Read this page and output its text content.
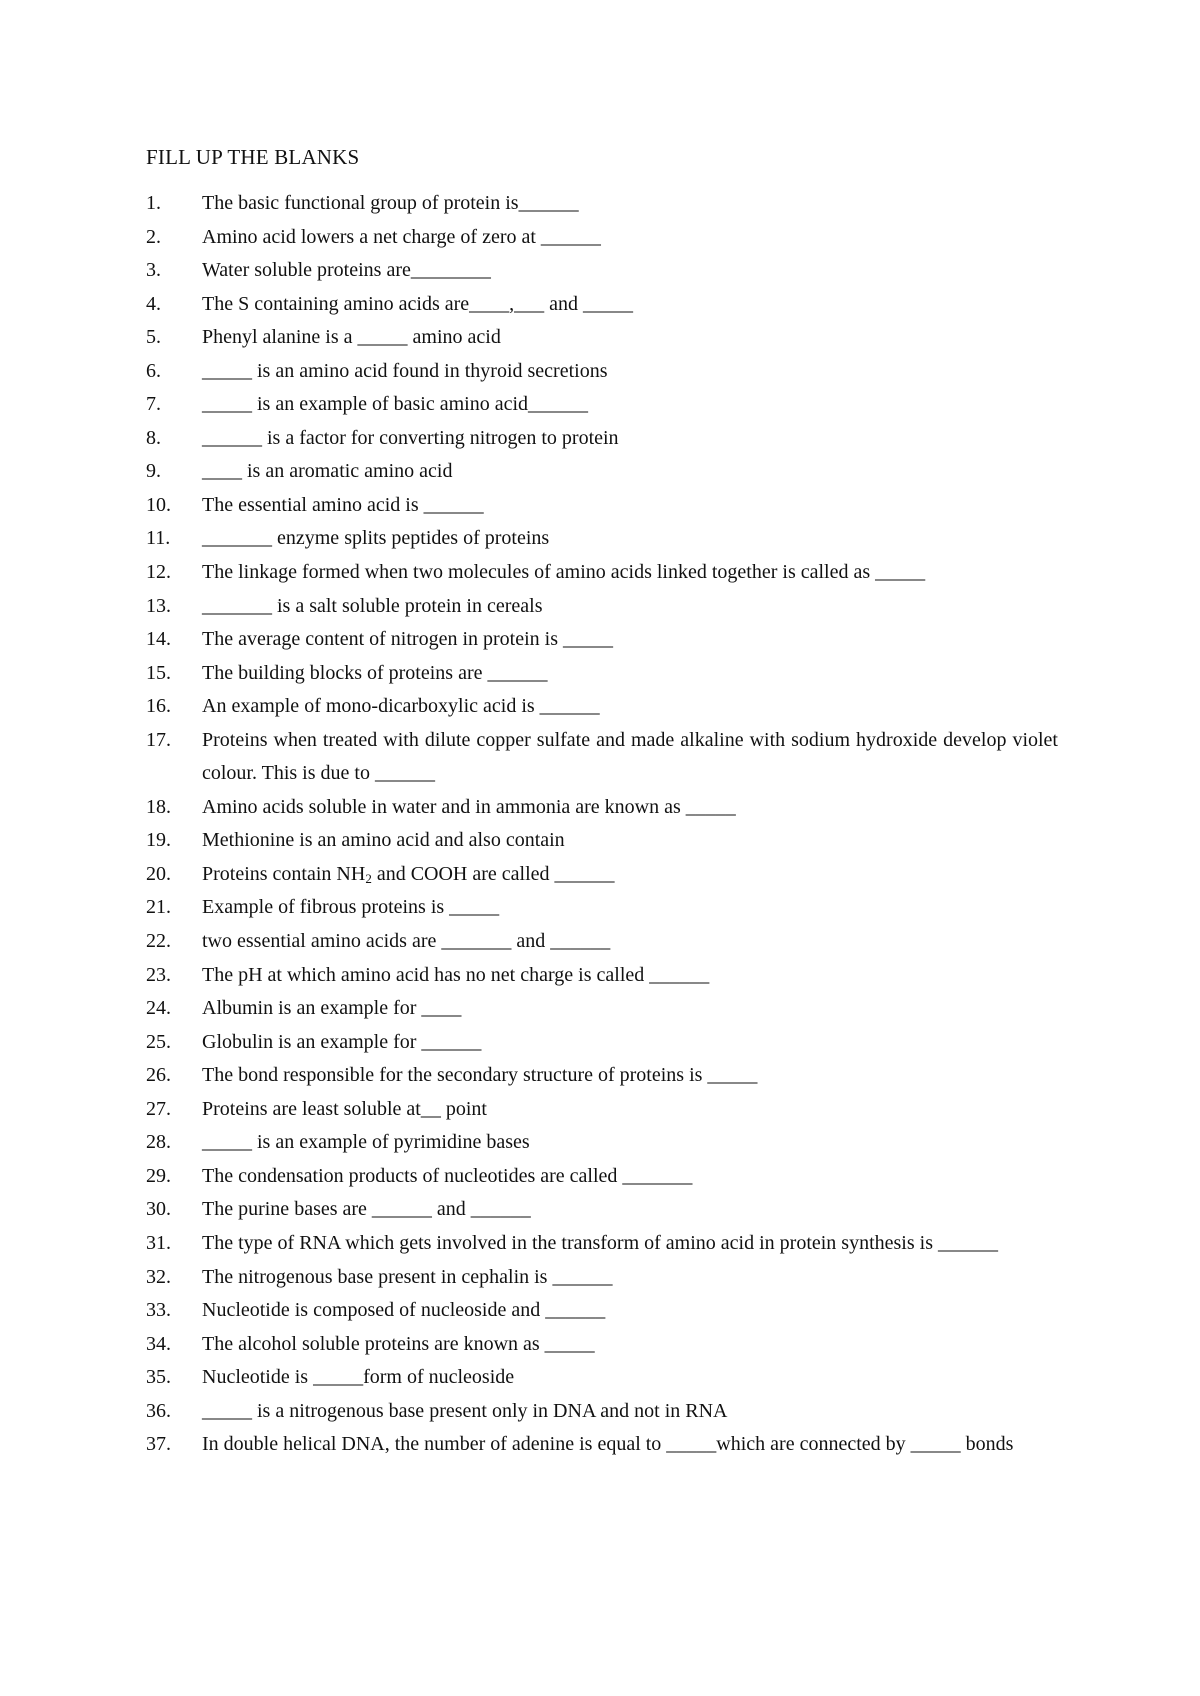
FILL UP THE BLANKS
1. The basic functional group of protein is______
2. Amino acid lowers a net charge of zero at ______
3. Water soluble proteins are________
4. The S containing amino acids are____,___ and _____
5. Phenyl alanine is a _____ amino acid
6. _____ is an amino acid found in thyroid secretions
7. _____ is an example of basic amino acid______
8. ______ is a factor for converting nitrogen to protein
9. ____ is an aromatic amino acid
10. The essential amino acid is ______
11. _______ enzyme splits peptides of proteins
12. The linkage formed when two molecules of amino acids linked together is called as _____
13. _______ is a salt soluble protein in cereals
14. The average content of nitrogen in protein is _____
15. The building blocks of proteins are ______
16. An example of mono-dicarboxylic acid is ______
17. Proteins when treated with dilute copper sulfate and made alkaline with sodium hydroxide develop violet colour. This is due to ______
18. Amino acids soluble in water and in ammonia are known as _____
19. Methionine is an amino acid and also contain
20. Proteins contain $NH_2$ and COOH are called ______
21. Example of fibrous proteins is _____
22. two essential amino acids are _______ and ______
23. The pH at which amino acid has no net charge is called ______
24. Albumin is an example for ____
25. Globulin is an example for ______
26. The bond responsible for the secondary structure of proteins is _____
27. Proteins are least soluble at__ point
28. _____ is an example of pyrimidine bases
29. The condensation products of nucleotides are called _______
30. The purine bases are ______ and ______
31. The type of RNA which gets involved in the transform of amino acid in protein synthesis is ______
32. The nitrogenous base present in cephalin is ______
33. Nucleotide is composed of nucleoside and ______
34. The alcohol soluble proteins are known as _____
35. Nucleotide is _____form of nucleoside
36. _____ is a nitrogenous base present only in DNA and not in RNA
37. In double helical DNA, the number of adenine is equal to _____which are connected by _____ bonds
